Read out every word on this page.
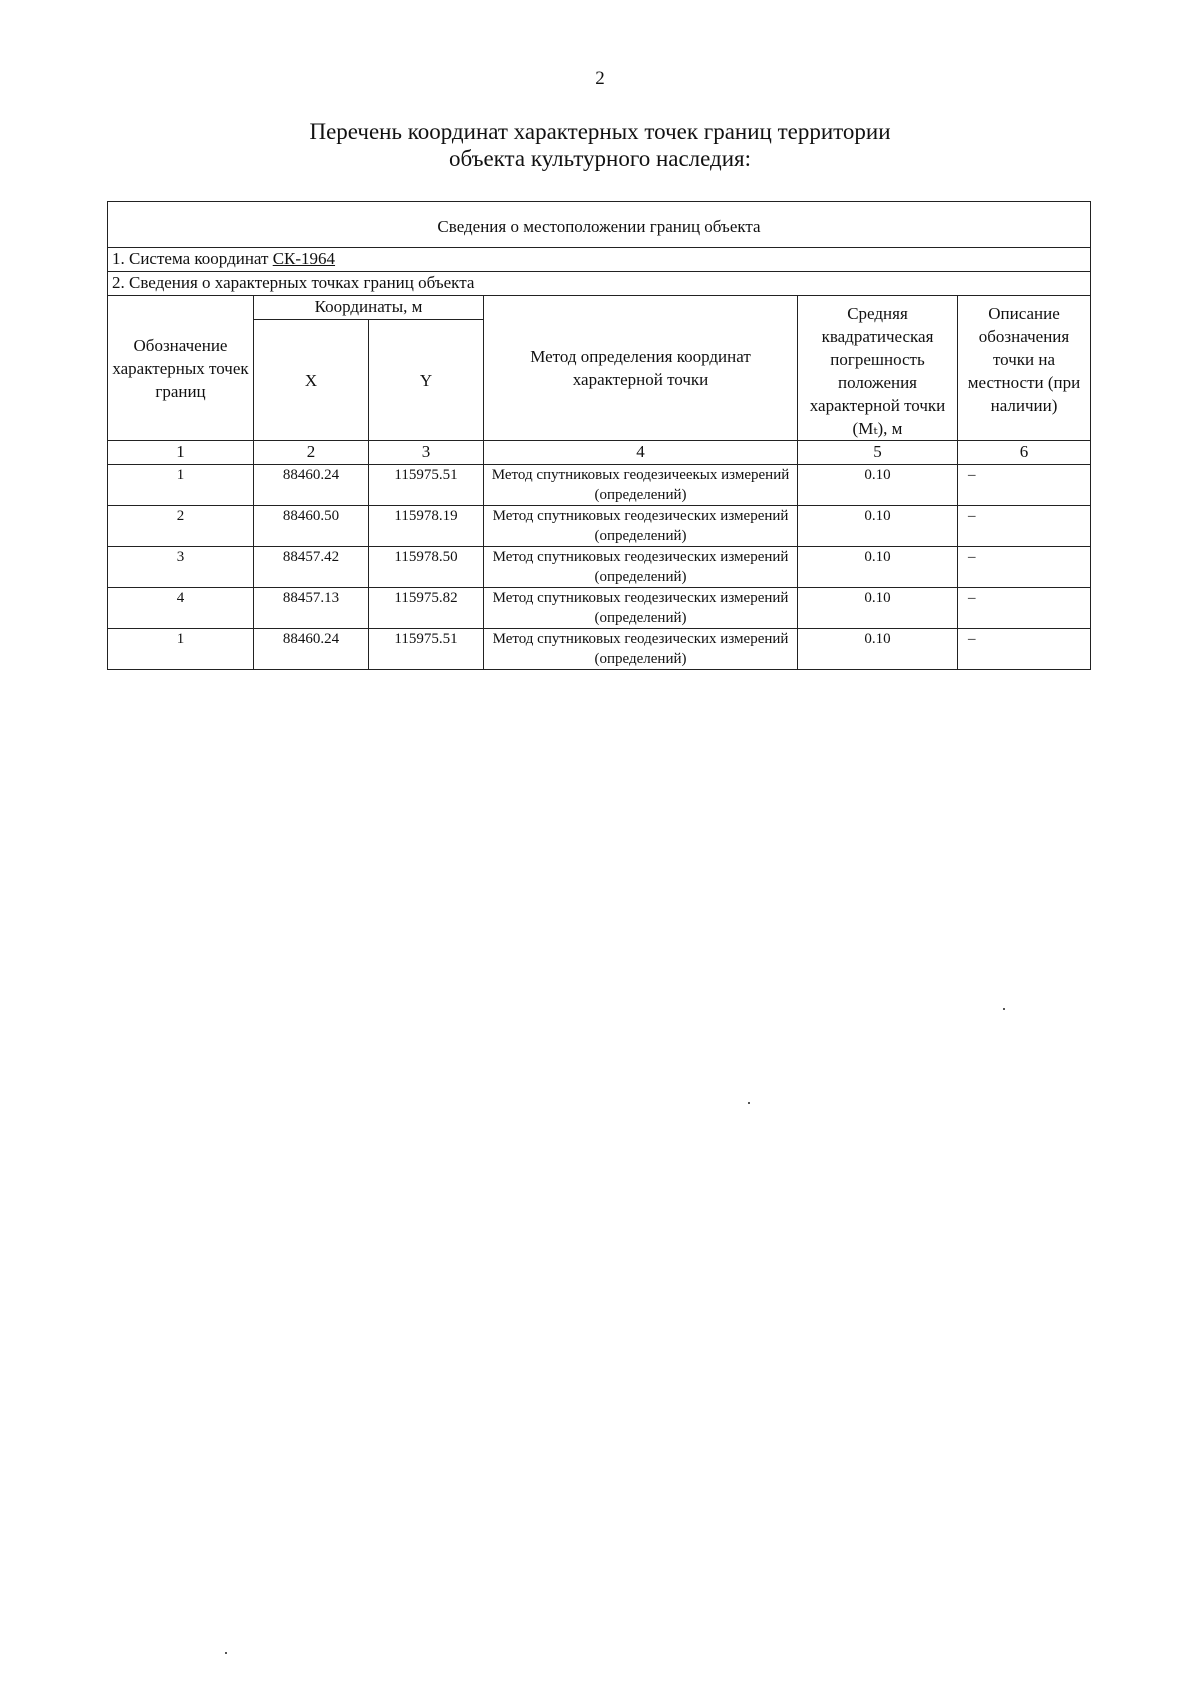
2
Перечень координат характерных точек границ территории
объекта культурного наследия:
Сведения о местоположении границ объекта					
1. Система координат СК-1964					
2. Сведения о характерных точках границ объекта					
Обозначение характерных точек границ	Координаты, м		Метод определения координат характерной точки	Средняя квадратическая погрешность положения характерной точки (Mₜ), м	Описание обозначения точки на местности (при наличии)
	X	Y			
1	2	3	4	5	6
1	88460.24	115975.51	Метод спутниковых геодезичеекых измерений (определений)	0.10	–
2	88460.50	115978.19	Метод спутниковых геодезических измерений (определений)	0.10	–
3	88457.42	115978.50	Метод спутниковых геодезических измерений (определений)	0.10	–
4	88457.13	115975.82	Метод спутниковых геодезических измерений (определений)	0.10	–
1	88460.24	115975.51	Метод спутниковых геодезических измерений (определений)	0.10	–
